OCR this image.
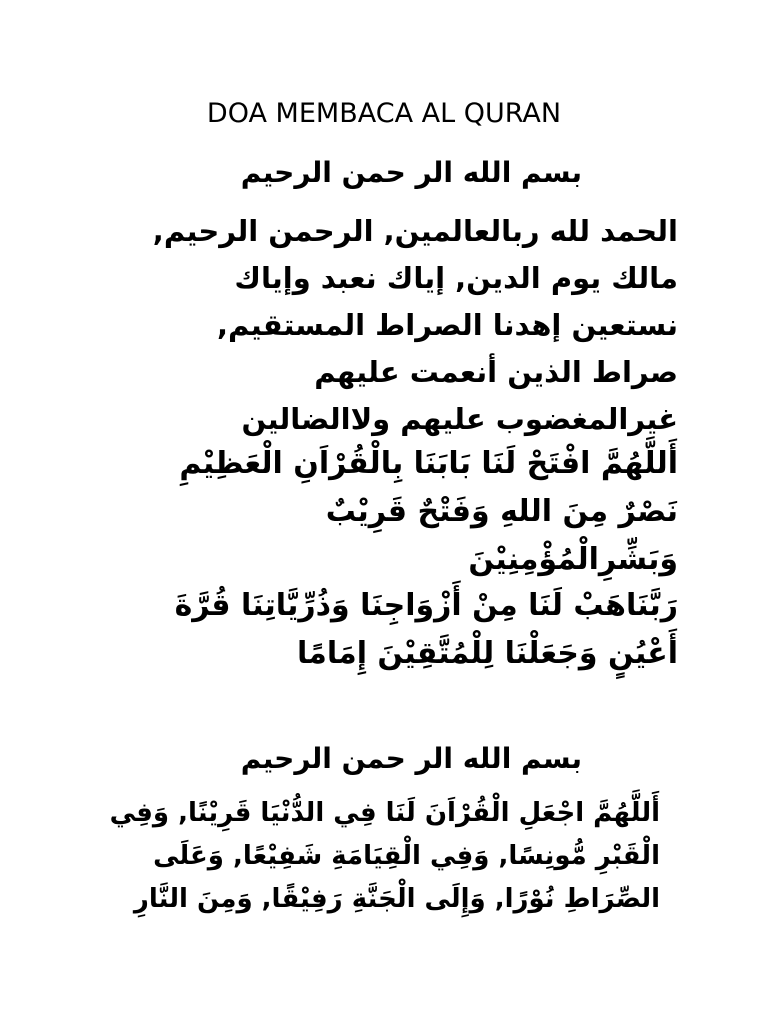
DOA MEMBACA AL QURAN
بسم الله الر حمن الرحيم
الحمد لله ربالعالمين, الرحمن الرحيم,
مالك يوم الدين, إياك نعبد وإياك
نستعين إهدنا الصراط المستقيم,
صراط الذين أنعمت عليهم
غيرالمغضوب عليهم ولاالضالين
أَللَّهُمَّ افْتَحْ لَنَا بَابَنَا بِالْقُرْاَنِ الْعَظِيْمِ
نَصْرٌ مِنَ اللهِ وَفَتْحٌ قَرِيْبٌ
وَبَشِّرِالْمُؤْمِنِيْنَ
رَبَّنَاهَبْ لَنَا مِنْ أَزْوَاجِنَا وَذُرِّيَّاتِنَا قُرَّةَ
أَعْيُنٍ وَجَعَلْنَا لِلْمُتَّقِيْنَ إِمَامًا
بسم الله الر حمن الرحيم
أَللَّهُمَّ اجْعَلِ الْقُرْاَنَ لَنَا فِي الدُّنْيَا قَرِيْنًا, وَفِي
الْقَبْرِ مُّونِسًا, وَفِي الْقِيَامَةِ شَفِيْعًا, وَعَلَى
الصِّرَاطِ نُوْرًا, وَإِلَى الْجَنَّةِ رَفِيْقًا, وَمِنَ النَّارِ
